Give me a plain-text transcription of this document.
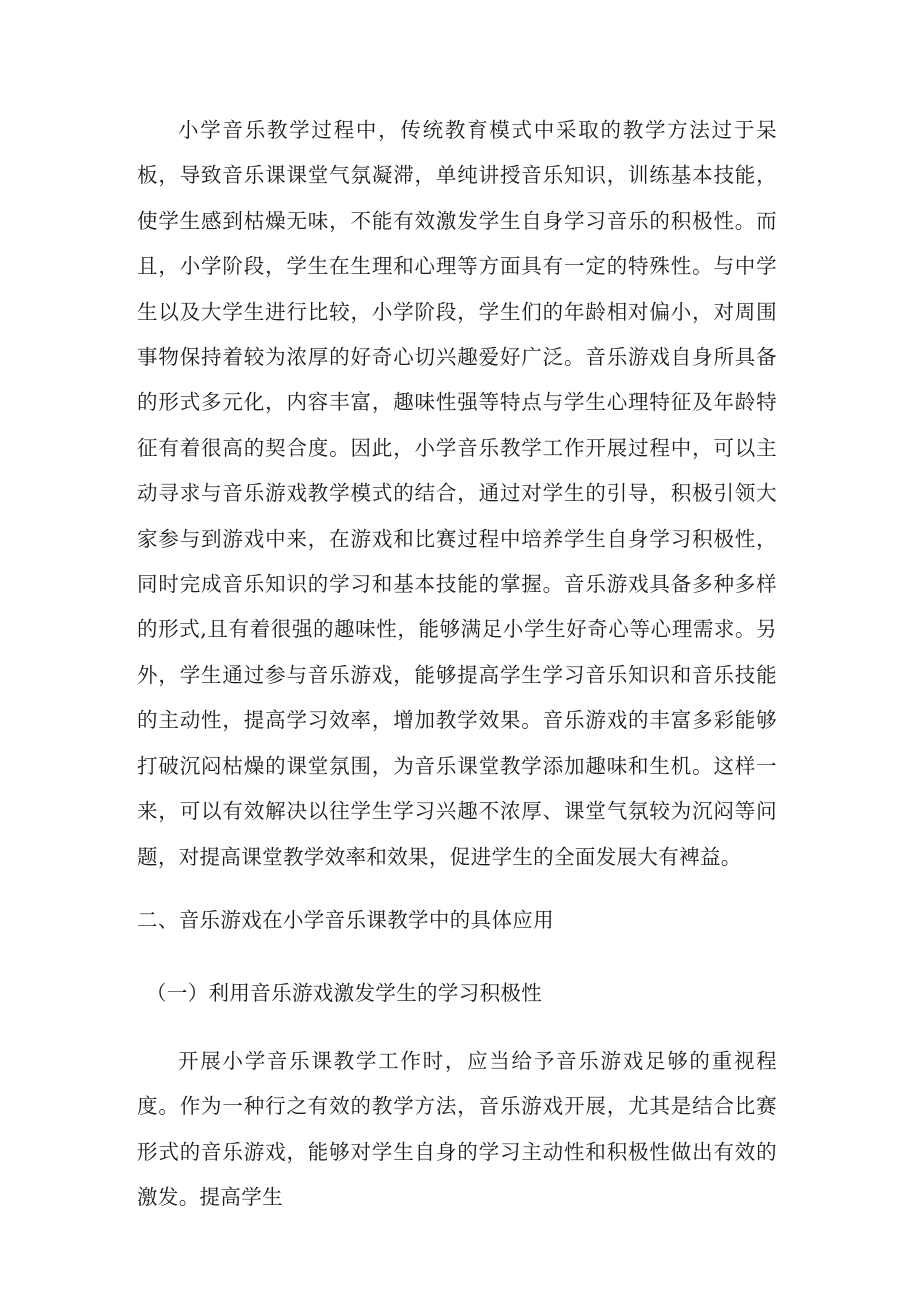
小学音乐教学过程中，传统教育模式中采取的教学方法过于呆板，导致音乐课课堂气氛凝滞，单纯讲授音乐知识，训练基本技能，使学生感到枯燥无味，不能有效激发学生自身学习音乐的积极性。而且，小学阶段，学生在生理和心理等方面具有一定的特殊性。与中学生以及大学生进行比较，小学阶段，学生们的年龄相对偏小，对周围事物保持着较为浓厚的好奇心切兴趣爱好广泛。音乐游戏自身所具备的形式多元化，内容丰富，趣味性强等特点与学生心理特征及年龄特征有着很高的契合度。因此，小学音乐教学工作开展过程中，可以主动寻求与音乐游戏教学模式的结合，通过对学生的引导，积极引领大家参与到游戏中来，在游戏和比赛过程中培养学生自身学习积极性，同时完成音乐知识的学习和基本技能的掌握。音乐游戏具备多种多样的形式,且有着很强的趣味性，能够满足小学生好奇心等心理需求。另外，学生通过参与音乐游戏，能够提高学生学习音乐知识和音乐技能的主动性，提高学习效率，增加教学效果。音乐游戏的丰富多彩能够打破沉闷枯燥的课堂氛围，为音乐课堂教学添加趣味和生机。这样一来，可以有效解决以往学生学习兴趣不浓厚、课堂气氛较为沉闷等问题，对提高课堂教学效率和效果，促进学生的全面发展大有裨益。

二、音乐游戏在小学音乐课教学中的具体应用
（一）利用音乐游戏激发学生的学习积极性

开展小学音乐课教学工作时，应当给予音乐游戏足够的重视程度。作为一种行之有效的教学方法，音乐游戏开展，尤其是结合比赛形式的音乐游戏，能够对学生自身的学习主动性和积极性做出有效的激发。提高学生
